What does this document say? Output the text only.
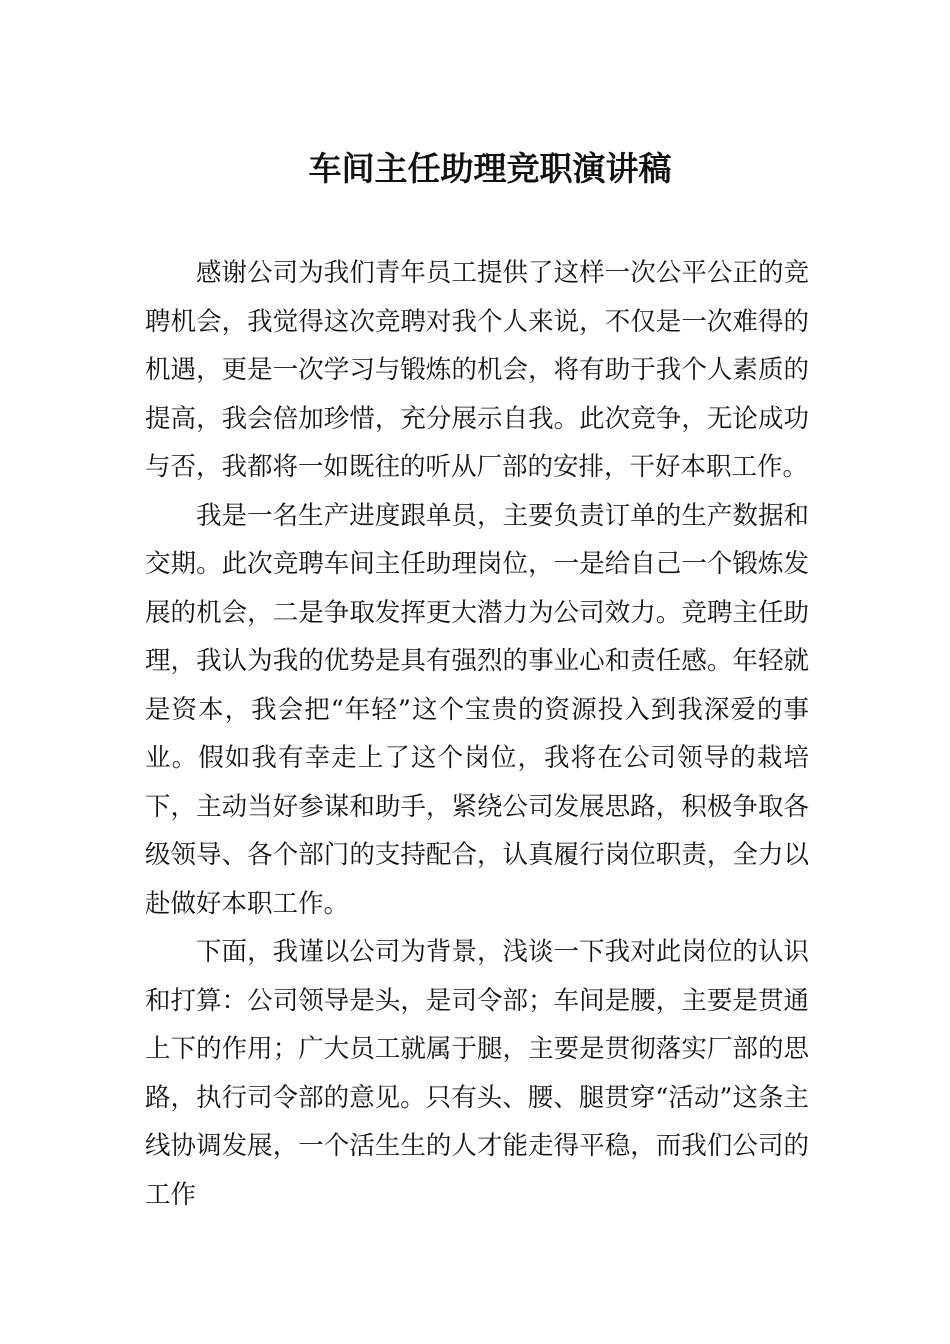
车间主任助理竞职演讲稿

感谢公司为我们青年员工提供了这样一次公平公正的竞聘机会，我觉得这次竞聘对我个人来说，不仅是一次难得的机遇，更是一次学习与锻炼的机会，将有助于我个人素质的提高，我会倍加珍惜，充分展示自我。此次竞争，无论成功与否，我都将一如既往的听从厂部的安排，干好本职工作。

我是一名生产进度跟单员，主要负责订单的生产数据和交期。此次竞聘车间主任助理岗位，一是给自己一个锻炼发展的机会，二是争取发挥更大潜力为公司效力。竞聘主任助理，我认为我的优势是具有强烈的事业心和责任感。年轻就是资本，我会把“年轻”这个宝贵的资源投入到我深爱的事业。假如我有幸走上了这个岗位，我将在公司领导的栽培下，主动当好参谋和助手，紧绕公司发展思路，积极争取各级领导、各个部门的支持配合，认真履行岗位职责，全力以赴做好本职工作。

下面，我谨以公司为背景，浅谈一下我对此岗位的认识和打算：公司领导是头，是司令部；车间是腰，主要是贯通上下的作用；广大员工就属于腿，主要是贯彻落实厂部的思路，执行司令部的意见。只有头、腰、腿贯穿“活动”这条主线协调发展，一个活生生的人才能走得平稳，而我们公司的工作
